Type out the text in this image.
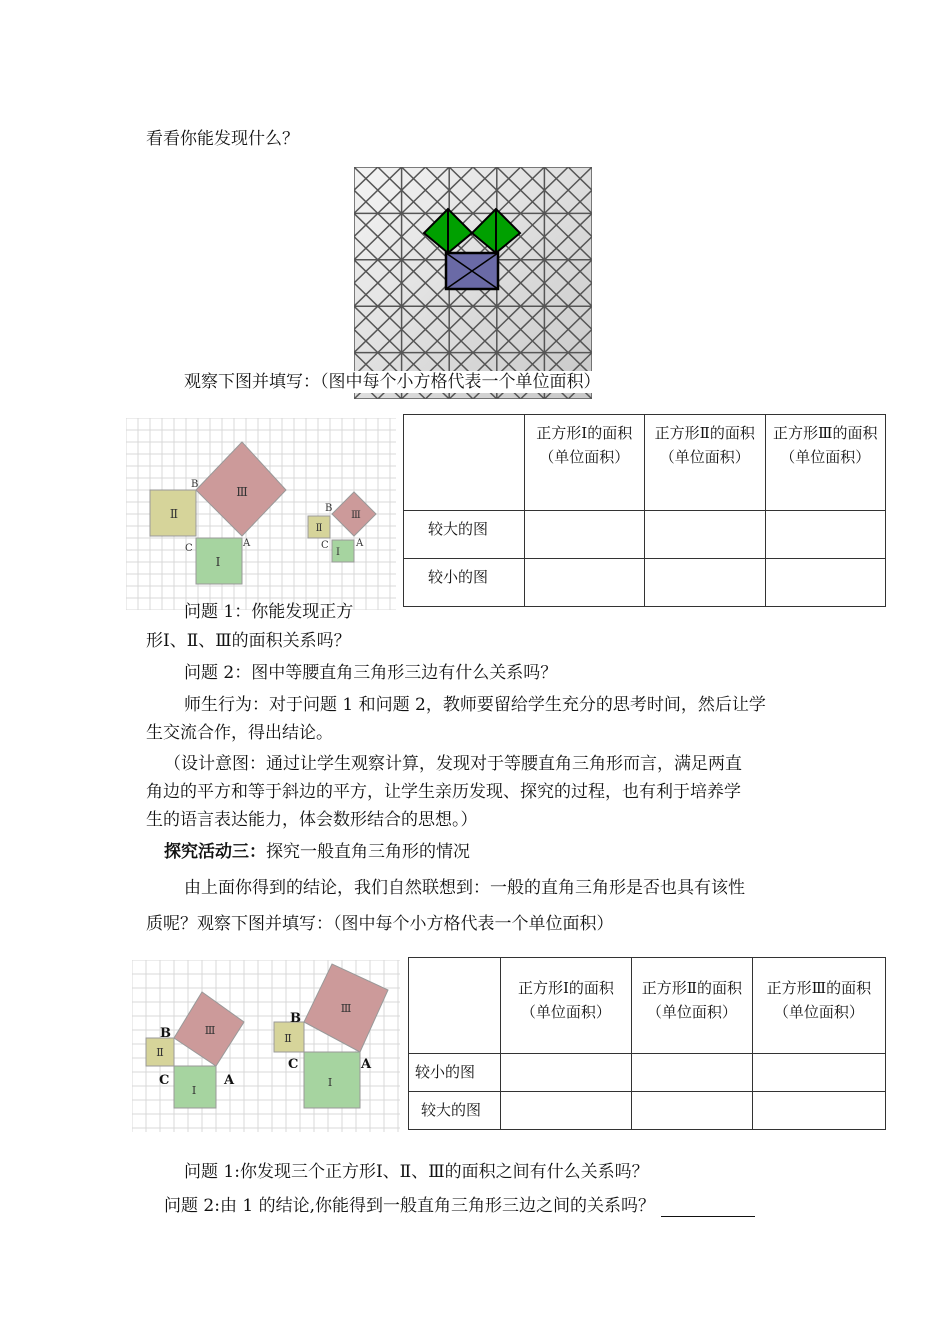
看看你能发现什么？
观察下图并填写：（图中每个小方格代表一个单位面积）
Ⅱ
Ⅲ
Ⅰ
B
C	A
Ⅱ
Ⅲ
Ⅰ
B
C	A
	正方形Ⅰ的面积（单位面积）	正方形Ⅱ的面积（单位面积）	正方形Ⅲ的面积（单位面积）
较大的图			
较小的图			
问题 1：你能发现正方
形Ⅰ、Ⅱ、Ⅲ的面积关系吗？
问题 2：图中等腰直角三角形三边有什么关系吗？
师生行为：对于问题 1 和问题 2，教师要留给学生充分的思考时间，然后让学
生交流合作，得出结论。
（设计意图：通过让学生观察计算，发现对于等腰直角三角形而言，满足两直
角边的平方和等于斜边的平方，让学生亲历发现、探究的过程，也有利于培养学
生的语言表达能力，体会数形结合的思想。）
探究活动三：探究一般直角三角形的情况
由上面你得到的结论，我们自然联想到：一般的直角三角形是否也具有该性
质呢？观察下图并填写：（图中每个小方格代表一个单位面积）
Ⅱ
Ⅲ
Ⅰ
B
C	A
Ⅱ
Ⅲ
Ⅰ
B
C	A
	正方形Ⅰ的面积（单位面积）	正方形Ⅱ的面积（单位面积）	正方形Ⅲ的面积（单位面积）
较小的图			
较大的图			
问题 1:你发现三个正方形Ⅰ、Ⅱ、Ⅲ的面积之间有什么关系吗？
问题 2:由 1 的结论,你能得到一般直角三角形三边之间的关系吗？
